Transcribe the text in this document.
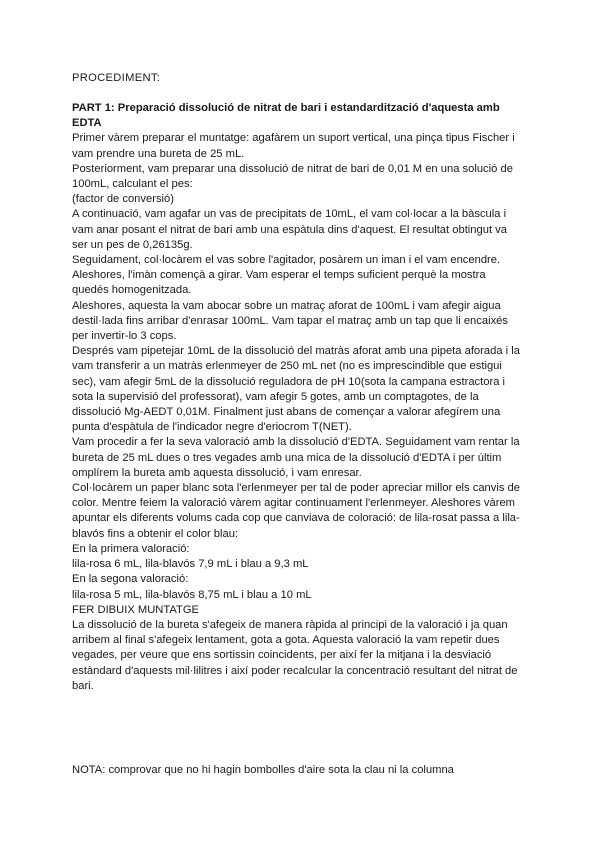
PROCEDIMENT:

PART 1: Preparació dissolució de nitrat de bari i estandardització d'aquesta amb EDTA

Primer vàrem preparar el muntatge: agafàrem un suport vertical, una pinça tipus Fischer i vam prendre una bureta de 25 mL.

Posteriorment, vam preparar una dissolució de nitrat de bari de 0,01 M en una solució de 100mL, calculant el pes:

(factor de conversió)

A continuació, vam agafar un vas de precipitats de 10mL, el vam col·locar a la bàscula i vam anar posant el nitrat de bari amb una espàtula dins d'aquest. El resultat obtingut va ser un pes de 0,26135g.

Seguidament, col·locàrem el vas sobre l'agitador, posàrem un iman i el vam encendre. Aleshores, l'imàn començà a girar. Vam esperar el temps suficient perquè la mostra quedés homogenitzada.

Aleshores, aquesta la vam abocar sobre un matraç aforat de 100mL i vam afegir aigua destil·lada fins arribar d'enrasar 100mL. Vam tapar el matraç amb un tap que li encaixés per invertir-lo 3 cops.

Després vam pipetejar 10mL de la dissolució del matràs aforat amb una pipeta aforada i la vam transferir a un matràs erlenmeyer de 250 mL net (no es imprescindible que estigui sec), vam afegir 5mL de la dissolució reguladora de pH 10(sota la campana estractora i sota la supervisió del professorat), vam afegir 5 gotes, amb un comptagotes, de la dissolució Mg-AEDT 0,01M. Finalment just abans de començar a valorar afegírem una punta d'espàtula de l'indicador negre d'eriocrom T(NET).

Vam procedir a fer la seva valoració amb la dissolució d'EDTA. Seguidament vam rentar la bureta de 25 mL dues o tres vegades amb una mica de la dissolució d'EDTA i per últim omplírem la bureta amb aquesta dissolució, i vam enresar.

Col·locàrem un paper blanc sota l'erlenmeyer per tal de poder apreciar millor els canvis de color. Mentre feiem la valoració vàrem agitar continuament l'erlenmeyer. Aleshores vàrem apuntar els diferents volums cada cop que canviava de coloració: de lila-rosat passa a lila-blavós fins a obtenir el color blau:

En la primera valoració:

lila-rosa 6 mL, lila-blavós 7,9 mL i blau a 9,3 mL

En la segona valoració:

lila-rosa 5 mL, lila-blavós 8,75 mL i blau a 10 mL

FER DIBUIX MUNTATGE

La dissolució de la bureta s'afegeix de manera ràpida al principi de la valoració i ja quan arribem al final s'afegeix lentament, gota a gota. Aquesta valoració la vam repetir dues vegades, per veure que ens sortissin coincidents, per així fer la mitjana i la desviació estàndard d'aquests mil·lilitres i així poder recalcular la concentració resultant del nitrat de bari.

NOTA: comprovar que no hi hagin bombolles d'aire sota la clau ni la columna
